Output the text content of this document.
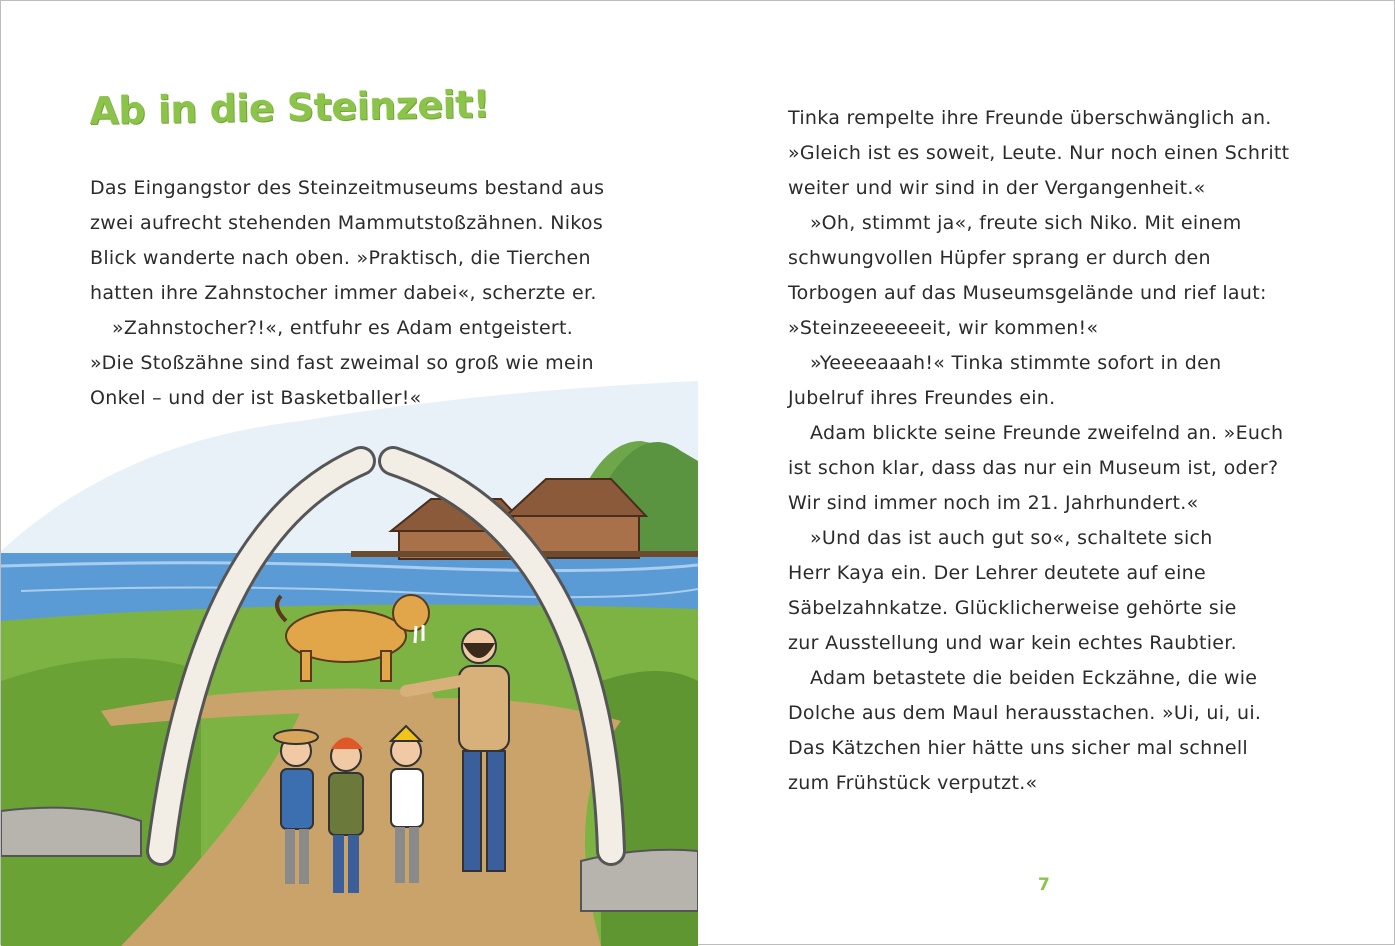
Ab in die Steinzeit!

Das Eingangstor des Steinzeitmuseums bestand aus

zwei aufrecht stehenden Mammutstoßzähnen. Nikos

Blick wanderte nach oben. »Praktisch, die Tierchen

hatten ihre Zahnstocher immer dabei«, scherzte er.

»Zahnstocher?!«, entfuhr es Adam entgeistert.

»Die Stoßzähne sind fast zweimal so groß wie mein

Onkel – und der ist Basketballer!«

Tinka rempelte ihre Freunde überschwänglich an.

»Gleich ist es soweit, Leute. Nur noch einen Schritt

weiter und wir sind in der Vergangenheit.«

»Oh, stimmt ja«, freute sich Niko. Mit einem

schwungvollen Hüpfer sprang er durch den

Torbogen auf das Museumsgelände und rief laut:

»Steinzeeeeeeit, wir kommen!«

»Yeeeeaaah!« Tinka stimmte sofort in den

Jubelruf ihres Freundes ein.

Adam blickte seine Freunde zweifelnd an. »Euch

ist schon klar, dass das nur ein Museum ist, oder?

Wir sind immer noch im 21. Jahrhundert.«

»Und das ist auch gut so«, schaltete sich

Herr Kaya ein. Der Lehrer deutete auf eine

Säbelzahnkatze. Glücklicherweise gehörte sie

zur Ausstellung und war kein echtes Raubtier.

Adam betastete die beiden Eckzähne, die wie

Dolche aus dem Maul herausstachen. »Ui, ui, ui.

Das Kätzchen hier hätte uns sicher mal schnell

zum Frühstück verputzt.«

7
